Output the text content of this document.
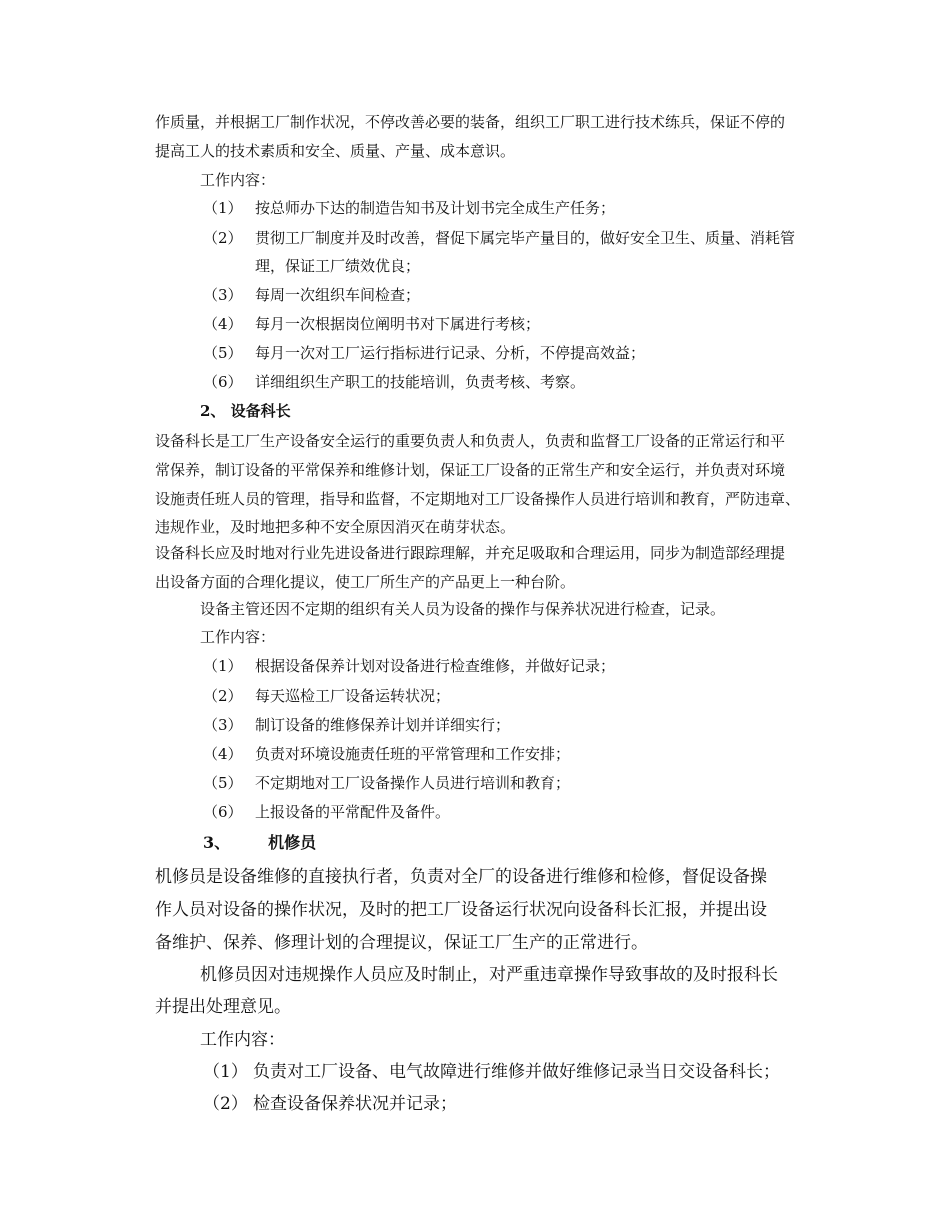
作质量，并根据工厂制作状况，不停改善必要的装备，组织工厂职工进行技术练兵，保证不停的
提高工人的技术素质和安全、质量、产量、成本意识。
工作内容：
（1） 按总师办下达的制造告知书及计划书完全成生产任务；
（2） 贯彻工厂制度并及时改善，督促下属完毕产量目的，做好安全卫生、质量、消耗管
理，保证工厂绩效优良；
（3） 每周一次组织车间检查；
（4） 每月一次根据岗位阐明书对下属进行考核；
（5） 每月一次对工厂运行指标进行记录、分析，不停提高效益；
（6） 详细组织生产职工的技能培训，负责考核、考察。
2、 设备科长
设备科长是工厂生产设备安全运行的重要负责人和负责人，负责和监督工厂设备的正常运行和平
常保养，制订设备的平常保养和维修计划，保证工厂设备的正常生产和安全运行，并负责对环境
设施责任班人员的管理，指导和监督，不定期地对工厂设备操作人员进行培训和教育，严防违章、
违规作业，及时地把多种不安全原因消灭在萌芽状态。
设备科长应及时地对行业先进设备进行跟踪理解，并充足吸取和合理运用，同步为制造部经理提
出设备方面的合理化提议，使工厂所生产的产品更上一种台阶。
设备主管还因不定期的组织有关人员为设备的操作与保养状况进行检查，记录。
工作内容：
（1） 根据设备保养计划对设备进行检查维修，并做好记录；
（2） 每天巡检工厂设备运转状况；
（3） 制订设备的维修保养计划并详细实行；
（4） 负责对环境设施责任班的平常管理和工作安排；
（5） 不定期地对工厂设备操作人员进行培训和教育；
（6） 上报设备的平常配件及备件。
3、 机修员
机修员是设备维修的直接执行者，负责对全厂的设备进行维修和检修，督促设备操
作人员对设备的操作状况，及时的把工厂设备运行状况向设备科长汇报，并提出设
备维护、保养、修理计划的合理提议，保证工厂生产的正常进行。
机修员因对违规操作人员应及时制止，对严重违章操作导致事故的及时报科长
并提出处理意见。
工作内容：
（1） 负责对工厂设备、电气故障进行维修并做好维修记录当日交设备科长；
（2） 检查设备保养状况并记录；
